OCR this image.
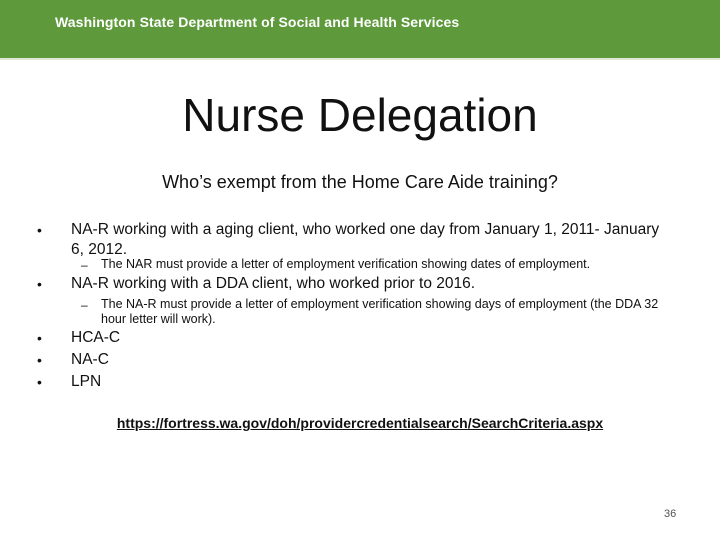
Washington State Department of Social and Health Services
Nurse Delegation
Who’s exempt from the Home Care Aide training?
• NA-R working with a aging client, who worked one day from January 1, 2011- January 6, 2012.
– The NAR must provide a letter of employment verification showing dates of employment.
• NA-R working with a DDA client, who worked prior to 2016.
– The NA-R must provide a letter of employment verification showing days of employment (the DDA 32 hour letter will work).
• HCA-C
• NA-C
• LPN
https://fortress.wa.gov/doh/providercredentialsearch/SearchCriteria.aspx
36
